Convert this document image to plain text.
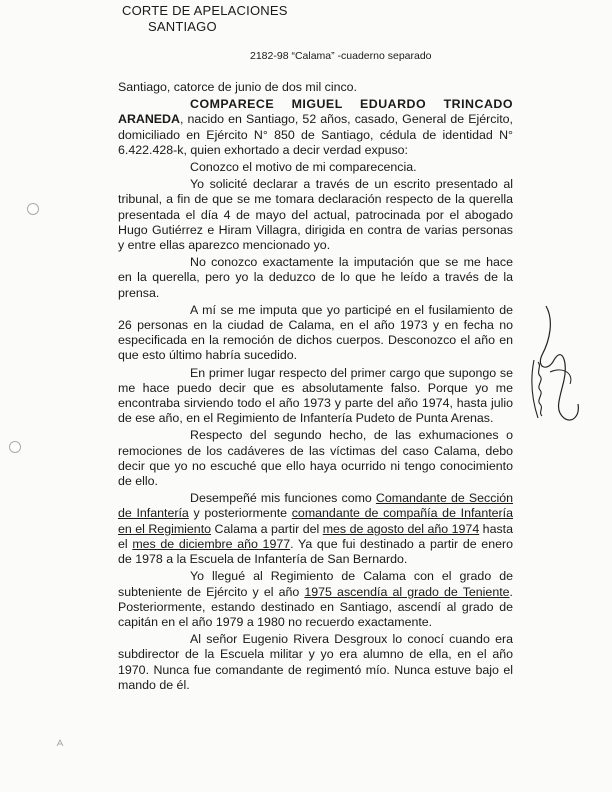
CORTE DE APELACIONES
SANTIAGO
2182-98 “Calama” -cuaderno separado

Santiago, catorce de junio de dos mil cinco.

COMPARECE MIGUEL EDUARDO TRINCADO

ARANEDA, nacido en Santiago, 52 años, casado, General de Ejército, domiciliado en Ejército N° 850 de Santiago, cédula de identidad N° 6.422.428-k, quien exhortado a decir verdad expuso:

Conozco el motivo de mi comparecencia.

Yo solicité declarar a través de un escrito presentado al tribunal, a fin de que se me tomara declaración respecto de la querella presentada el día 4 de mayo del actual, patrocinada por el abogado Hugo Gutiérrez e Hiram Villagra, dirigida en contra de varias personas y entre ellas aparezco mencionado yo.

No conozco exactamente la imputación que se me hace en la querella, pero yo la deduzco de lo que he leído a través de la prensa.

A mí se me imputa que yo participé en el fusilamiento de 26 personas en la ciudad de Calama, en el año 1973 y en fecha no especificada en la remoción de dichos cuerpos. Desconozco el año en que esto último habría sucedido.

En primer lugar respecto del primer cargo que supongo se me hace puedo decir que es absolutamente falso. Porque yo me encontraba sirviendo todo el año 1973 y parte del año 1974, hasta julio de ese año, en el Regimiento de Infantería Pudeto de Punta Arenas.

Respecto del segundo hecho, de las exhumaciones o remociones de los cadáveres de las víctimas del caso Calama, debo decir que yo no escuché que ello haya ocurrido ni tengo conocimiento de ello.

Desempeñé mis funciones como Comandante de Sección de Infantería y posteriormente comandante de compañía de Infantería en el Regimiento Calama a partir del mes de agosto del año 1974 hasta el mes de diciembre año 1977. Ya que fui destinado a partir de enero de 1978 a la Escuela de Infantería de San Bernardo.

Yo llegué al Regimiento de Calama con el grado de subteniente de Ejército y el año 1975 ascendía al grado de Teniente. Posteriormente, estando destinado en Santiago, ascendí al grado de capitán en el año 1979 a 1980 no recuerdo exactamente.

Al señor Eugenio Rivera Desgroux lo conocí cuando era subdirector de la Escuela militar y yo era alumno de ella, en el año 1970. Nunca fue comandante de regimentó mío. Nunca estuve bajo el mando de él.
